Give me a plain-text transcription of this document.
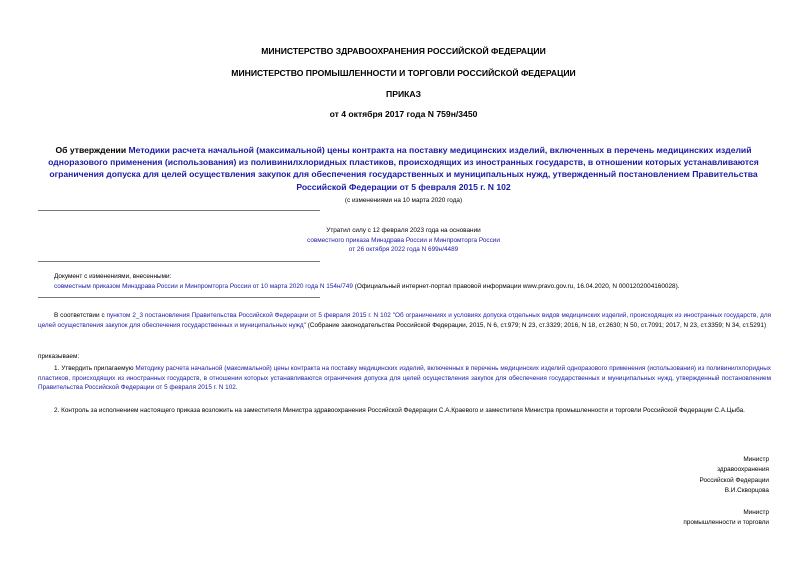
МИНИСТЕРСТВО ЗДРАВООХРАНЕНИЯ РОССИЙСКОЙ ФЕДЕРАЦИИ
МИНИСТЕРСТВО ПРОМЫШЛЕННОСТИ И ТОРГОВЛИ РОССИЙСКОЙ ФЕДЕРАЦИИ
ПРИКАЗ
от 4 октября 2017 года N 759н/3450
Об утверждении Методики расчета начальной (максимальной) цены контракта на поставку медицинских изделий, включенных в перечень медицинских изделий одноразового применения (использования) из поливинилхлоридных пластиков, происходящих из иностранных государств, в отношении которых устанавливаются ограничения допуска для целей осуществления закупок для обеспечения государственных и муниципальных нужд, утвержденный постановлением Правительства Российской Федерации от 5 февраля 2015 г. N 102
(с изменениями на 10 марта 2020 года)
Утратил силу с 12 февраля 2023 года на основании
совместного приказа Минздрава России и Минпромторга России
от 26 октября 2022 года N 699н/4489
Документ с изменениями, внесенными:
совместным приказом Минздрава России и Минпромторга России от 10 марта 2020 года N 154н/749 (Официальный интернет-портал правовой информации www.pravo.gov.ru, 16.04.2020, N 0001202004160028).
В соответствии с пунктом 2_3 постановления Правительства Российской Федерации от 5 февраля 2015 г. N 102 "Об ограничениях и условиях допуска отдельных видов медицинских изделий, происходящих из иностранных государств, для целей осуществления закупок для обеспечения государственных и муниципальных нужд" (Собрание законодательства Российской Федерации, 2015, N 6, ст.979; N 23, ст.3329; 2016, N 18, ст.2630; N 50, ст.7091; 2017, N 23, ст.3359; N 34, ст.5291)
приказываем:
1. Утвердить прилагаемую Методику расчета начальной (максимальной) цены контракта на поставку медицинских изделий, включенных в перечень медицинских изделий одноразового применения (использования) из поливинилхлоридных пластиков, происходящих из иностранных государств, в отношении которых устанавливаются ограничения допуска для целей осуществления закупок для обеспечения государственных и муниципальных нужд, утвержденный постановлением Правительства Российской Федерации от 5 февраля 2015 г. N 102.
2. Контроль за исполнением настоящего приказа возложить на заместителя Министра здравоохранения Российской Федерации С.А.Краевого и заместителя Министра промышленности и торговли Российской Федерации С.А.Цыба.
Министр
здравоохранения
Российской Федерации
В.И.Скворцова
Министр
промышленности и торговли
